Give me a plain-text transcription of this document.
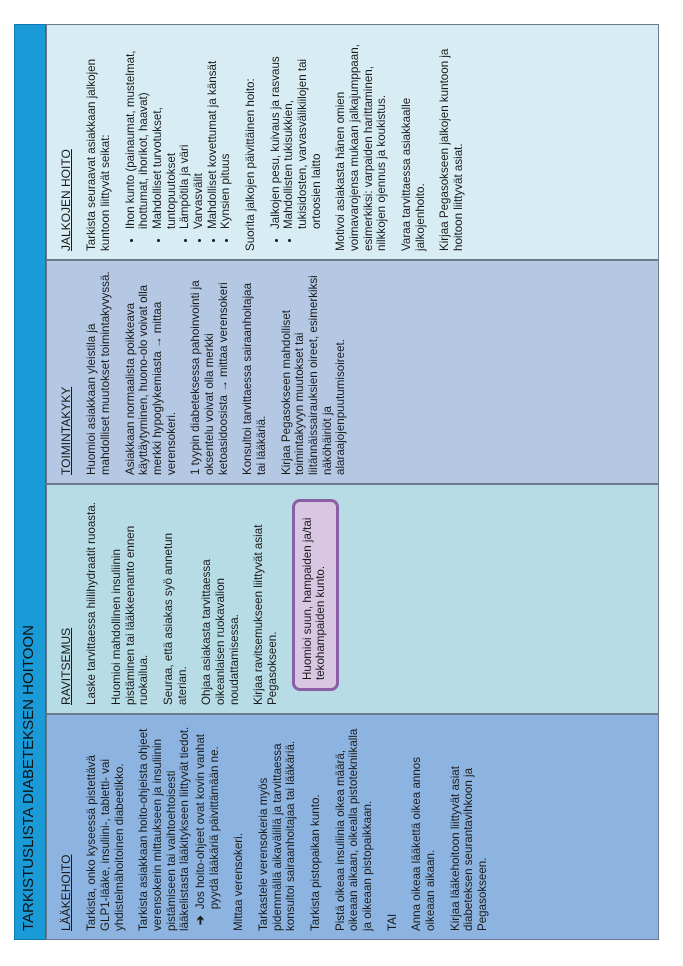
TARKISTUSLISTA DIABETEKSEN HOITOON LÄÄKEHOITO Tarkista, onko kyseessä pistettävä GLP1-lääke, insuliini-, tabletti- vai yhdistelmähoitoinen diabeetikko. Tarkista asiakkaan hoito-ohjeista ohjeet verensokerin mittaukseen ja insuliinin pistämiseen tai vaihtoehtoisesti lääkelistasta lääkitykseen liittyvät tiedot. ➔
Jos hoito-ohjeet ovat kovin vanhat pyydä lääkäriä päivittämään ne. Mittaa verensokeri. Tarkastele verensokeria myös pidemmällä aikavälillä ja tarvittaessa konsultoi sairaanhoitajaa tai lääkäriä. Tarkista pistopaikan kunto. Pistä oikeaa insuliinia oikea määrä, oikeaan aikaan, oikealla pistotekniikalla ja oikeaan pistopaikkaan. TAI Anna oikeaa lääkettä oikea annos oikeaan aikaan. Kirjaa lääkehoitoon liittyvät asiat diabeteksen seurantavihkoon ja Pegasokseen.

RAVITSEMUS Laske tarvittaessa hiilihydraatit ruoasta. Huomioi mahdollinen insuliinin pistäminen tai lääkkeenanto ennen ruokailua. Seuraa, että asiakas syö annetun aterian. Ohjaa asiakasta tarvittaessa oikeanlaisen ruokavalion noudattamisessa. Kirjaa ravitsemukseen liittyvät asiat Pegasokseen.	Huomioi suun, hampaiden ja/tai tekohampaiden kunto.
TOIMINTAKYKY Huomioi asiakkaan yleistila ja mahdolliset muutokset toimintakyvyssä. Asiakkaan normaalista poikkeava käyttäytyminen, huono-olo voivat olla merkki hypoglykemiasta → mittaa verensokeri. 1 tyypin diabeteksessa pahoinvointi ja oksentelu voivat olla merkki ketoasidoosista → mittaa verensokeri Konsultoi tarvittaessa sairaanhoitajaa tai lääkäriä. Kirjaa Pegasokseen mahdolliset toimintakyvyn muutokset tai liitännäissairauksien oireet, esimerkiksi näköhäiriöt ja alaraajojenpuutumisoireet.

JALKOJEN HOITO Tarkista seuraavat asiakkaan jalkojen kuntoon liittyvät seikat: • Ihon kunto (painaumat, mustelmat, ihottumat, ihorikot, haavat) • Mahdolliset turvotukset, tuntopuutokset • Lämpötila ja väri • Varvasvälit • Mahdolliset kovettumat ja känsät • Kynsien pituus Suorita jalkojen päivittäinen hoito: • Jalkojen pesu, kuivaus ja rasvaus • Mahdollisten tukisukkien, tukisidosten, varvasvälikiilojen tai ortoosien laitto Motivoi asiakasta hänen omien voimavarojensa mukaan jalkajumppaan, esimerkiksi: varpaiden harittaminen, nilkkojen ojennus ja koukistus. Varaa tarvittaessa asiakkaalle jalkojenhoito. Kirjaa Pegasokseen jalkojen kuntoon ja hoitoon liittyvät asiat.
